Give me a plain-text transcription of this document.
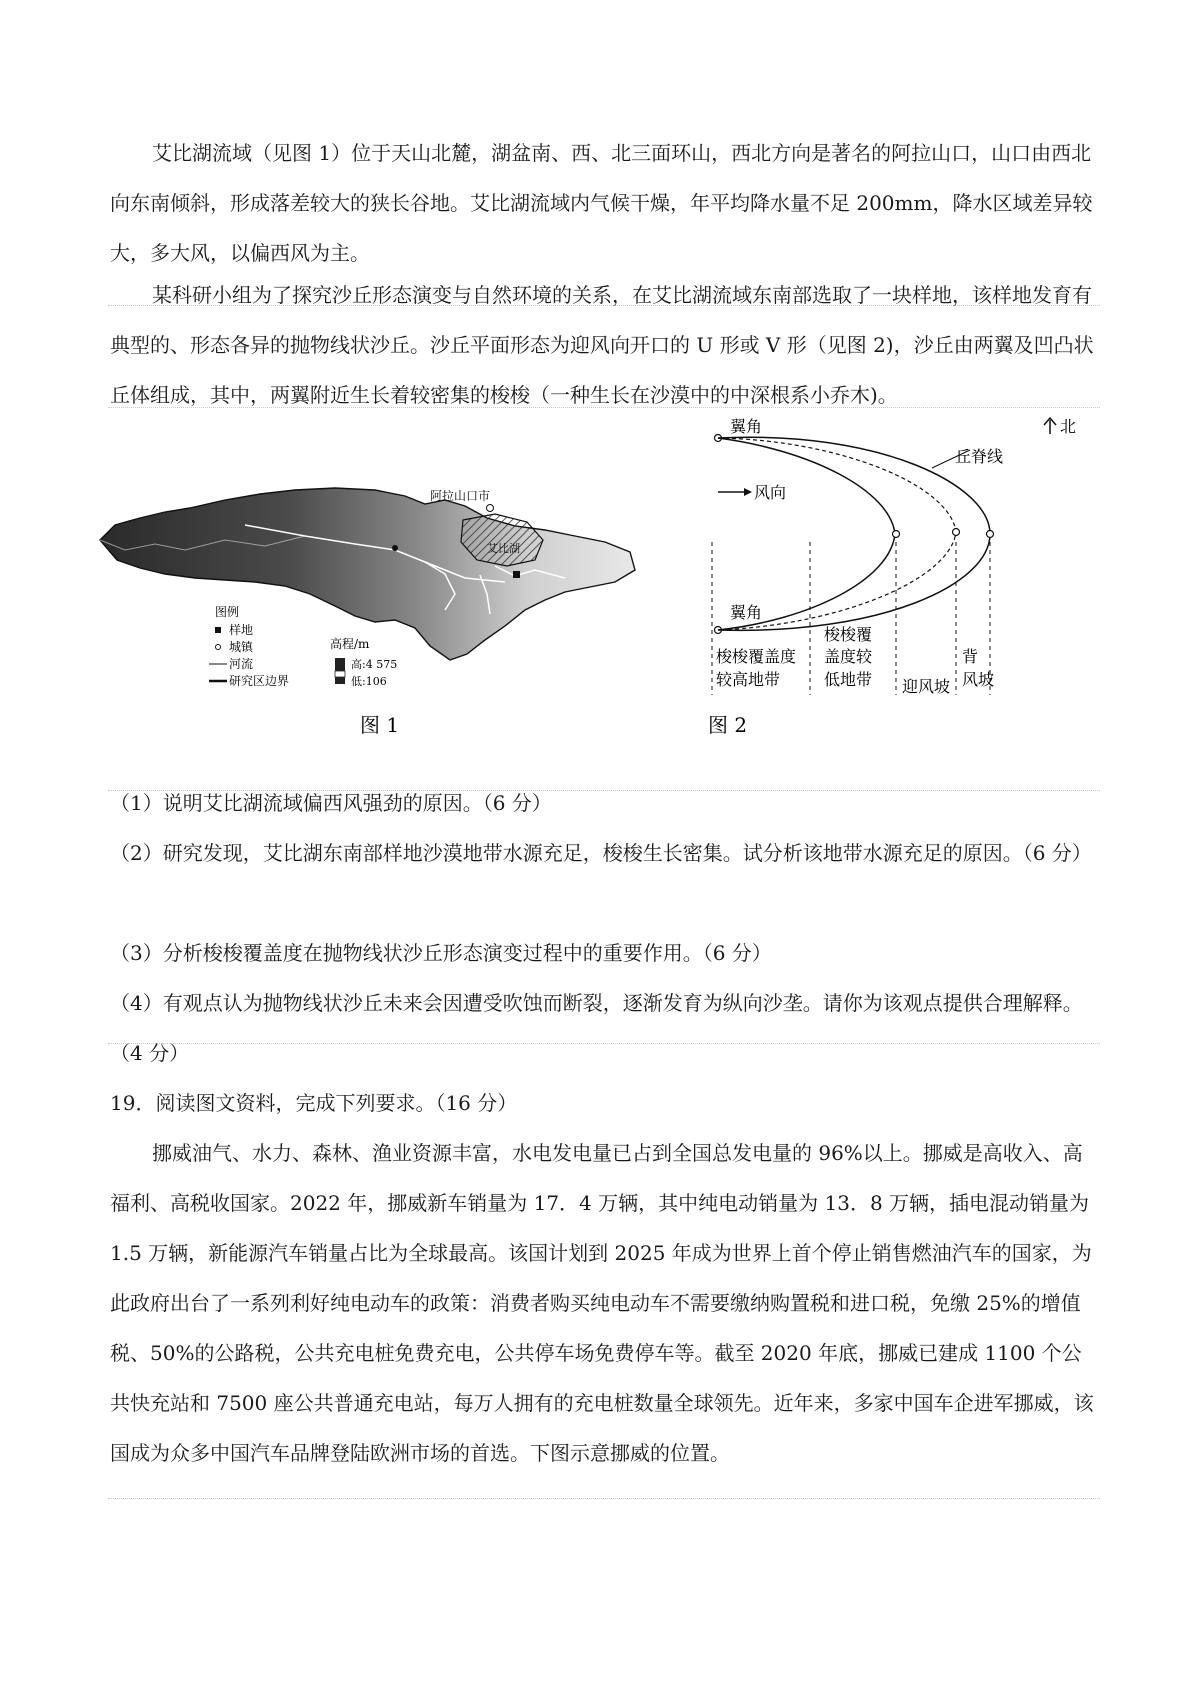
艾比湖流域（见图 1）位于天山北麓，湖盆南、西、北三面环山，西北方向是著名的阿拉山口，山口由西北向东南倾斜，形成落差较大的狭长谷地。艾比湖流域内气候干燥，年平均降水量不足 200mm，降水区域差异较大，多大风，以偏西风为主。

某科研小组为了探究沙丘形态演变与自然环境的关系，在艾比湖流域东南部选取了一块样地，该样地发育有典型的、形态各异的抛物线状沙丘。沙丘平面形态为迎风向开口的 U 形或 V 形（见图 2)，沙丘由两翼及凹凸状丘体组成，其中，两翼附近生长着较密集的梭梭（一种生长在沙漠中的中深根系小乔木)。

艾比湖
阿拉山口市
图例
样地
城镇
河流
研究区边界
高程/m
高:4 575
低:106
图 1
北
翼角
翼角
丘脊线
风向
梭梭覆盖度
较高地带
梭梭覆
盖度较
低地带 迎风坡
背
风坡
图 2

（1）说明艾比湖流域偏西风强劲的原因。（6 分）

（2）研究发现，艾比湖东南部样地沙漠地带水源充足，梭梭生长密集。试分析该地带水源充足的原因。（6 分）

（3）分析梭梭覆盖度在抛物线状沙丘形态演变过程中的重要作用。（6 分）

（4）有观点认为抛物线状沙丘未来会因遭受吹蚀而断裂，逐渐发育为纵向沙垄。请你为该观点提供合理解释。（4 分）

19．阅读图文资料，完成下列要求。（16 分）

挪威油气、水力、森林、渔业资源丰富，水电发电量已占到全国总发电量的 96%以上。挪威是高收入、高福利、高税收国家。2022 年，挪威新车销量为 17．4 万辆，其中纯电动销量为 13．8 万辆，插电混动销量为 1.5 万辆，新能源汽车销量占比为全球最高。该国计划到 2025 年成为世界上首个停止销售燃油汽车的国家，为此政府出台了一系列利好纯电动车的政策：消费者购买纯电动车不需要缴纳购置税和进口税，免缴 25%的增值税、50%的公路税，公共充电桩免费充电，公共停车场免费停车等。截至 2020 年底，挪威已建成 1100 个公共快充站和 7500 座公共普通充电站，每万人拥有的充电桩数量全球领先。近年来，多家中国车企进军挪威，该国成为众多中国汽车品牌登陆欧洲市场的首选。下图示意挪威的位置。
